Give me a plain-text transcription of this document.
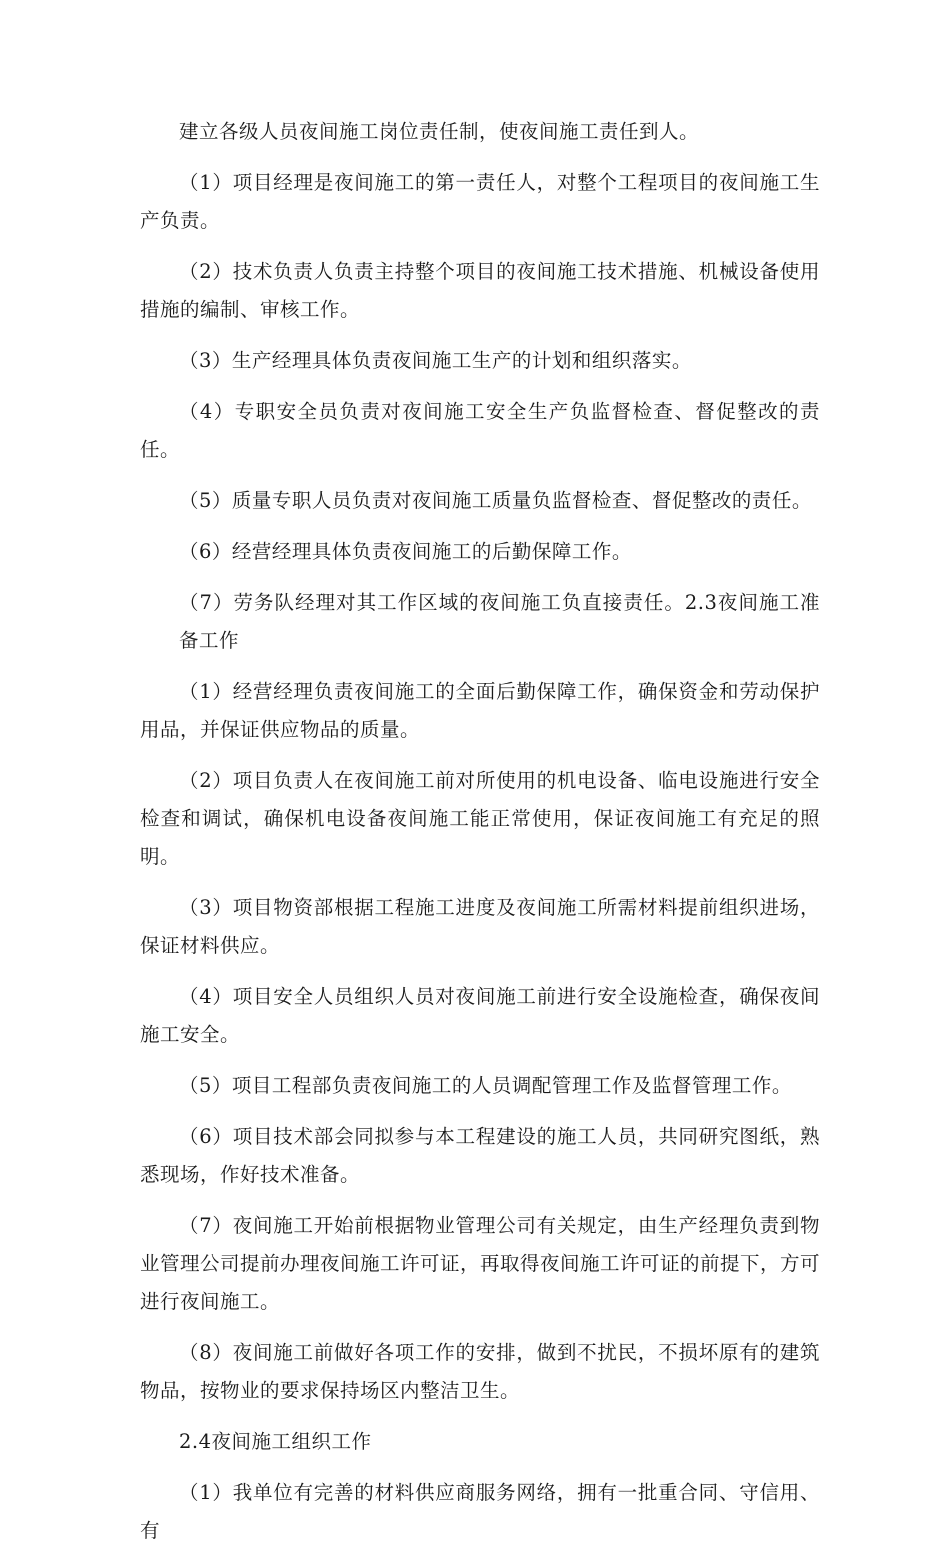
建立各级人员夜间施工岗位责任制，使夜间施工责任到人。

（1）项目经理是夜间施工的第一责任人，对整个工程项目的夜间施工生产负责。

（2）技术负责人负责主持整个项目的夜间施工技术措施、机械设备使用措施的编制、审核工作。

（3）生产经理具体负责夜间施工生产的计划和组织落实。

（4）专职安全员负责对夜间施工安全生产负监督检查、督促整改的责任。

（5）质量专职人员负责对夜间施工质量负监督检查、督促整改的责任。

（6）经营经理具体负责夜间施工的后勤保障工作。

（7）劳务队经理对其工作区域的夜间施工负直接责任。2.3夜间施工准备工作

（1）经营经理负责夜间施工的全面后勤保障工作，确保资金和劳动保护用品，并保证供应物品的质量。

（2）项目负责人在夜间施工前对所使用的机电设备、临电设施进行安全检查和调试，确保机电设备夜间施工能正常使用，保证夜间施工有充足的照明。

（3）项目物资部根据工程施工进度及夜间施工所需材料提前组织进场，保证材料供应。

（4）项目安全人员组织人员对夜间施工前进行安全设施检查，确保夜间施工安全。

（5）项目工程部负责夜间施工的人员调配管理工作及监督管理工作。

（6）项目技术部会同拟参与本工程建设的施工人员，共同研究图纸，熟悉现场，作好技术准备。

（7）夜间施工开始前根据物业管理公司有关规定，由生产经理负责到物业管理公司提前办理夜间施工许可证，再取得夜间施工许可证的前提下，方可进行夜间施工。

（8）夜间施工前做好各项工作的安排，做到不扰民，不损坏原有的建筑物品，按物业的要求保持场区内整洁卫生。

2.4夜间施工组织工作

（1）我单位有完善的材料供应商服务网络，拥有一批重合同、守信用、有
